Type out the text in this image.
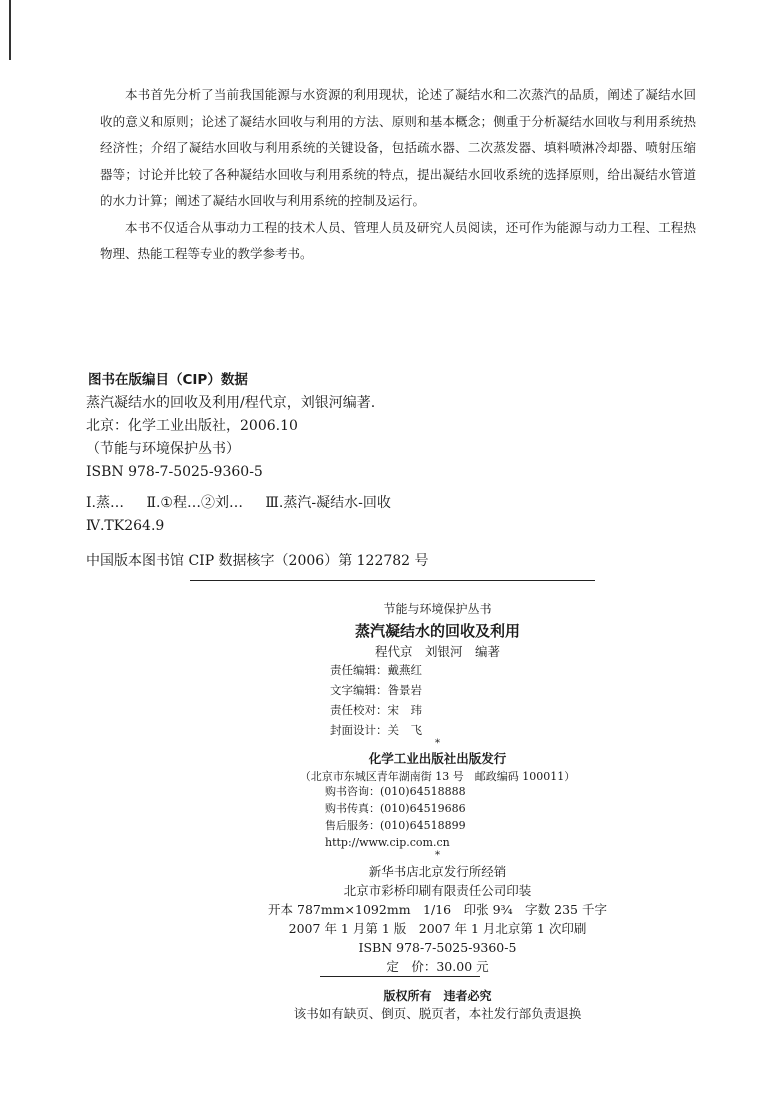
本书首先分析了当前我国能源与水资源的利用现状，论述了凝结水和二次蒸汽的品质，阐述了凝结水回收的意义和原则；论述了凝结水回收与利用的方法、原则和基本概念；侧重于分析凝结水回收与利用系统热经济性；介绍了凝结水回收与利用系统的关键设备，包括疏水器、二次蒸发器、填料喷淋冷却器、喷射压缩器等；讨论并比较了各种凝结水回收与利用系统的特点，提出凝结水回收系统的选择原则，给出凝结水管道的水力计算；阐述了凝结水回收与利用系统的控制及运行。

本书不仅适合从事动力工程的技术人员、管理人员及研究人员阅读，还可作为能源与动力工程、工程热物理、热能工程等专业的教学参考书。

图书在版编目（CIP）数据
蒸汽凝结水的回收及利用/程代京，刘银河编著.
北京：化学工业出版社，2006.10
（节能与环境保护丛书）
ISBN 978-7-5025-9360-5
Ⅰ.蒸… Ⅱ.①程…②刘… Ⅲ.蒸汽-凝结水-回收
Ⅳ.TK264.9
中国版本图书馆 CIP 数据核字（2006）第 122782 号
节能与环境保护丛书
蒸汽凝结水的回收及利用
程代京　刘银河　编著
责任编辑：戴燕红
文字编辑：昝景岩
责任校对：宋　玮
封面设计：关　飞
*
化学工业出版社出版发行
（北京市东城区青年湖南街 13 号　邮政编码 100011）
购书咨询：(010)64518888
购书传真：(010)64519686
售后服务：(010)64518899
http://www.cip.com.cn
*
新华书店北京发行所经销
北京市彩桥印刷有限责任公司印装
开本 787mm×1092mm　1/16　印张 9¾　字数 235 千字
2007 年 1 月第 1 版　2007 年 1 月北京第 1 次印刷
ISBN 978-7-5025-9360-5
定　价：30.00 元
版权所有　违者必究
该书如有缺页、倒页、脱页者，本社发行部负责退换
